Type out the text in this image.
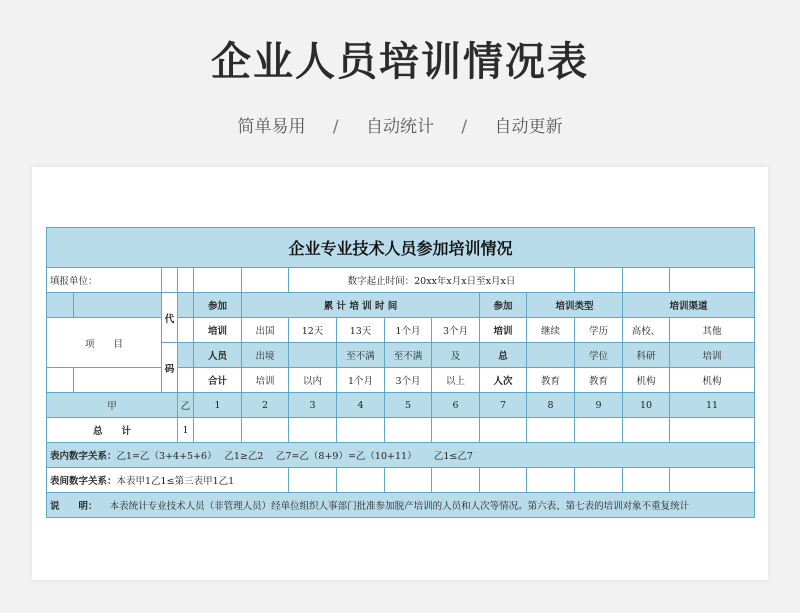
企业人员培训情况表
简单易用 / 自动统计 / 自动更新
企业专业技术人员参加培训情况														
填报单位：						数字起止时间：20xx年x月x日至x月x日								
		代		参加	累 计 培 训 时 间					参加	培训类型		培训渠道	
项　　目				培训	出国	12天	13天	1个月	3个月	培训	继续	学历	高校、	其他
		码		人员	出境		至不满	至不满	及	总		学位	科研	培训
				合计	培训	以内	1个月	3个月	以上	人次	教育	教育	机构	机构
甲			乙	1	2	3	4	5	6	7	8	9	10	11
总　　计			1											
表内数字关系：乙1=乙（3+4+5+6）　 乙1≥乙2　 乙7=乙（8+9）=乙（10+11）　　 乙1≤乙7														
表间数字关系：本表甲1乙1≤第三表甲1乙1														
说　　明： 本表统计专业技术人员（非管理人员）经单位组织人事部门批准参加脱产培训的人员和人次等情况。第六表、第七表的培训对象不重复统计														
